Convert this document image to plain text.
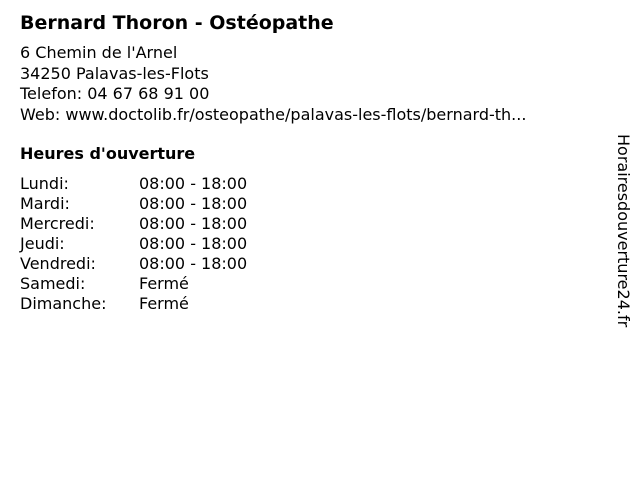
Bernard Thoron - Ostéopathe
6 Chemin de l'Arnel
34250 Palavas-les-Flots
Telefon: 04 67 68 91 00
Web: www.doctolib.fr/osteopathe/palavas-les-flots/bernard-th...
Heures d'ouverture
Lundi:	08:00 - 18:00
Mardi:	08:00 - 18:00
Mercredi:	08:00 - 18:00
Jeudi:	08:00 - 18:00
Vendredi:	08:00 - 18:00
Samedi:	Fermé
Dimanche:	Fermé	Horairesdouverture24.fr
